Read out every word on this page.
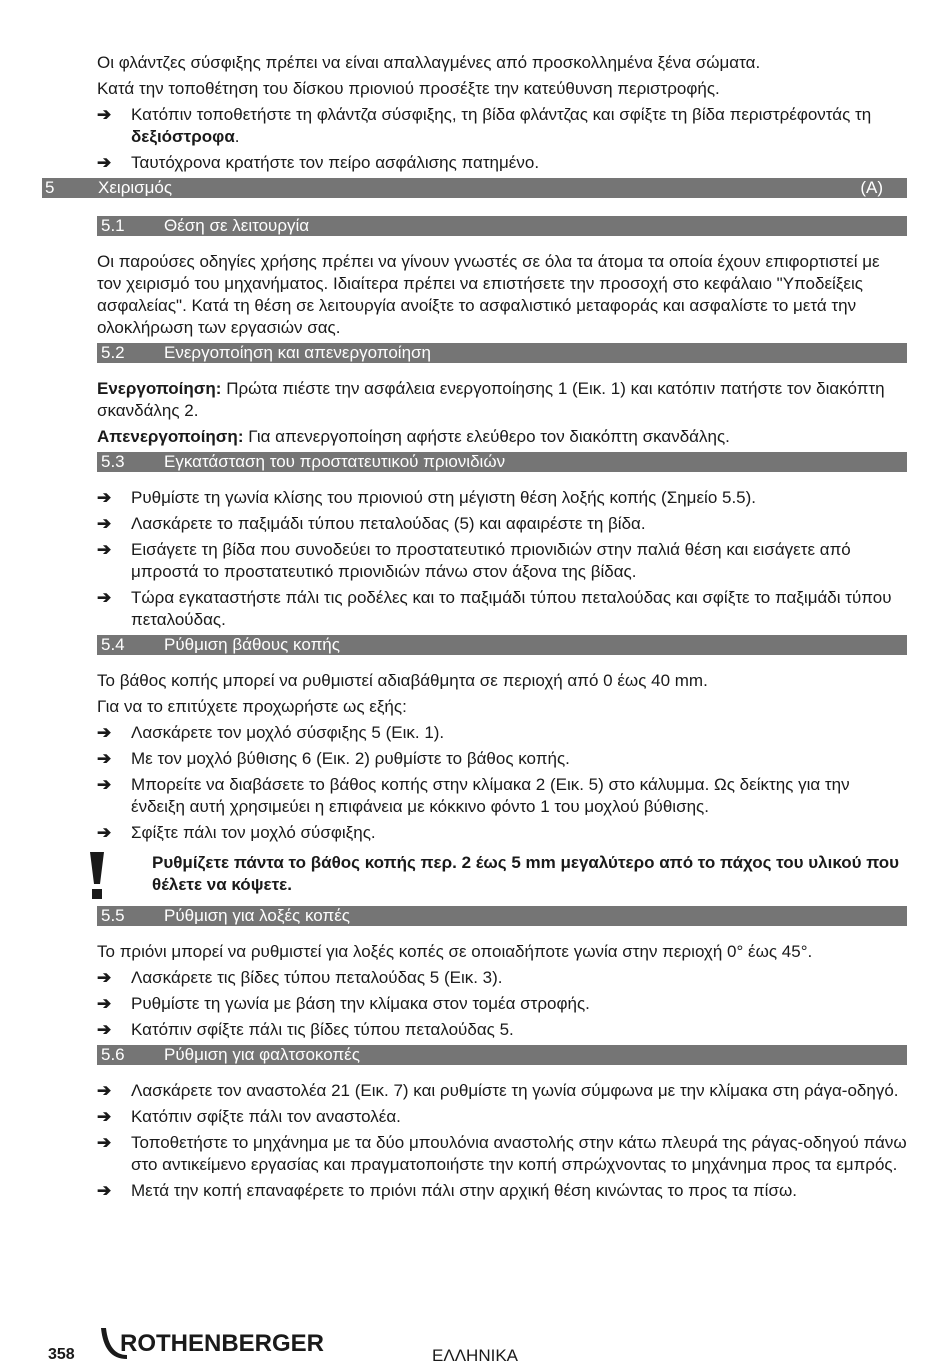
Οι φλάντζες σύσφιξης πρέπει να είναι απαλλαγμένες από προσκολλημένα ξένα σώματα.

Κατά την τοποθέτηση του δίσκου πριονιού προσέξτε την κατεύθυνση περιστροφής.

➔	Κατόπιν τοποθετήστε τη φλάντζα σύσφιξης, τη βίδα φλάντζας και σφίξτε τη βίδα περιστρέφοντάς τη δεξιόστροφα.
➔	Ταυτόχρονα κρατήστε τον πείρο ασφάλισης πατημένο.
5	Χειρισμός	(A)
5.1 Θέση σε λειτουργία

Οι παρούσες οδηγίες χρήσης πρέπει να γίνουν γνωστές σε όλα τα άτομα τα οποία έχουν επιφορτιστεί με τον χειρισμό του μηχανήματος. Ιδιαίτερα πρέπει να επιστήσετε την προσοχή στο κεφάλαιο "Υποδείξεις ασφαλείας". Κατά τη θέση σε λειτουργία ανοίξτε το ασφαλιστικό μεταφοράς και ασφαλίστε το μετά την ολοκλήρωση των εργασιών σας.

5.2 Ενεργοποίηση και απενεργοποίηση

Ενεργοποίηση: Πρώτα πιέστε την ασφάλεια ενεργοποίησης 1 (Εικ. 1) και κατόπιν πατήστε τον διακόπτη σκανδάλης 2.

Απενεργοποίηση: Για απενεργοποίηση αφήστε ελεύθερο τον διακόπτη σκανδάλης.

5.3 Εγκατάσταση του προστατευτικού πριονιδιών
➔	Ρυθμίστε τη γωνία κλίσης του πριονιού στη μέγιστη θέση λοξής κοπής (Σημείο 5.5).
➔	Λασκάρετε το παξιμάδι τύπου πεταλούδας (5) και αφαιρέστε τη βίδα.
➔	Εισάγετε τη βίδα που συνοδεύει το προστατευτικό πριονιδιών στην παλιά θέση και εισάγετε από μπροστά το προστατευτικό πριονιδιών πάνω στον άξονα της βίδας.
➔	Τώρα εγκαταστήστε πάλι τις ροδέλες και το παξιμάδι τύπου πεταλούδας και σφίξτε το παξιμάδι τύπου πεταλούδας.
5.4 Ρύθμιση βάθους κοπής

Το βάθος κοπής μπορεί να ρυθμιστεί αδιαβάθμητα σε περιοχή από 0 έως 40 mm.

Για να το επιτύχετε προχωρήστε ως εξής:

➔	Λασκάρετε τον μοχλό σύσφιξης 5 (Εικ. 1).
➔	Με τον μοχλό βύθισης 6 (Εικ. 2) ρυθμίστε το βάθος κοπής.
➔	Μπορείτε να διαβάσετε το βάθος κοπής στην κλίμακα 2 (Εικ. 5) στο κάλυμμα. Ως δείκτης για την ένδειξη αυτή χρησιμεύει η επιφάνεια με κόκκινο φόντο 1 του μοχλού βύθισης.
➔	Σφίξτε πάλι τον μοχλό σύσφιξης.
Ρυθμίζετε πάντα το βάθος κοπής περ. 2 έως 5 mm μεγαλύτερο από το πάχος του υλικού που θέλετε να κόψετε.
5.5 Ρύθμιση για λοξές κοπές

Το πριόνι μπορεί να ρυθμιστεί για λοξές κοπές σε οποιαδήποτε γωνία στην περιοχή 0° έως 45°.

➔	Λασκάρετε τις βίδες τύπου πεταλούδας 5 (Εικ. 3).
➔	Ρυθμίστε τη γωνία με βάση την κλίμακα στον τομέα στροφής.
➔	Κατόπιν σφίξτε πάλι τις βίδες τύπου πεταλούδας 5.
5.6 Ρύθμιση για φαλτσοκοπές
➔	Λασκάρετε τον αναστολέα 21 (Εικ. 7) και ρυθμίστε τη γωνία σύμφωνα με την κλίμακα στη ράγα-οδηγό.
➔	Κατόπιν σφίξτε πάλι τον αναστολέα.
➔	Τοποθετήστε το μηχάνημα με τα δύο μπουλόνια αναστολής στην κάτω πλευρά της ράγας-οδηγού πάνω στο αντικείμενο εργασίας και πραγματοποιήστε την κοπή σπρώχνοντας το μηχάνημα προς τα εμπρός.
➔	Μετά την κοπή επαναφέρετε το πριόνι πάλι στην αρχική θέση κινώντας το προς τα πίσω.
358 ROTHENBERGER	ΕΛΛΗΝΙΚΑ
